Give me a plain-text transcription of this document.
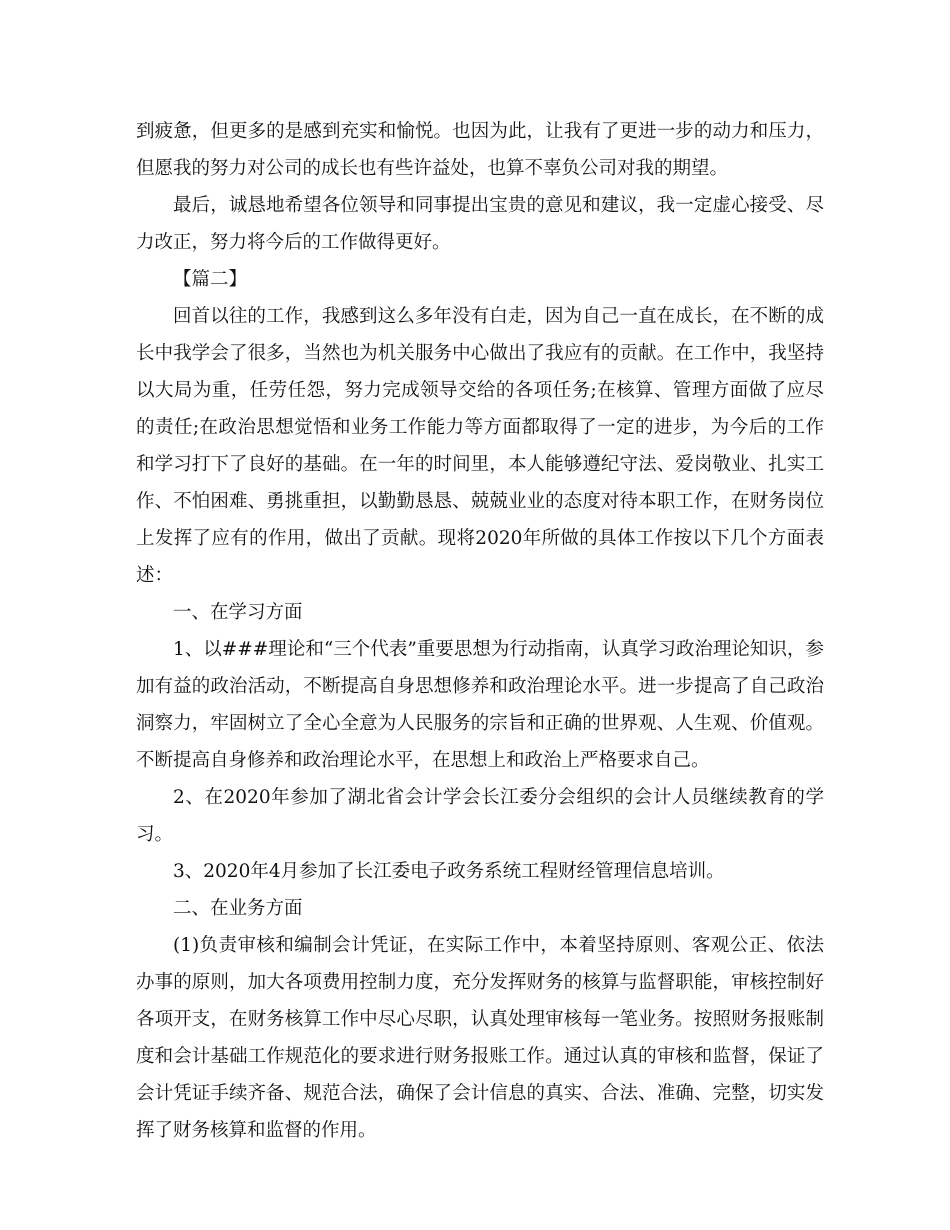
到疲惫，但更多的是感到充实和愉悦。也因为此，让我有了更进一步的动力和压力，但愿我的努力对公司的成长也有些许益处，也算不辜负公司对我的期望。

最后，诚恳地希望各位领导和同事提出宝贵的意见和建议，我一定虚心接受、尽力改正，努力将今后的工作做得更好。

【篇二】

回首以往的工作，我感到这么多年没有白走，因为自己一直在成长，在不断的成长中我学会了很多，当然也为机关服务中心做出了我应有的贡献。在工作中，我坚持以大局为重，任劳任怨，努力完成领导交给的各项任务;在核算、管理方面做了应尽的责任;在政治思想觉悟和业务工作能力等方面都取得了一定的进步，为今后的工作和学习打下了良好的基础。在一年的时间里，本人能够遵纪守法、爱岗敬业、扎实工作、不怕困难、勇挑重担，以勤勤恳恳、兢兢业业的态度对待本职工作，在财务岗位上发挥了应有的作用，做出了贡献。现将2020年所做的具体工作按以下几个方面表述：

一、在学习方面

1、以###理论和“三个代表”重要思想为行动指南，认真学习政治理论知识，参加有益的政治活动，不断提高自身思想修养和政治理论水平。进一步提高了自己政治洞察力，牢固树立了全心全意为人民服务的宗旨和正确的世界观、人生观、价值观。不断提高自身修养和政治理论水平，在思想上和政治上严格要求自己。

2、在2020年参加了湖北省会计学会长江委分会组织的会计人员继续教育的学习。

3、2020年4月参加了长江委电子政务系统工程财经管理信息培训。

二、在业务方面

(1)负责审核和编制会计凭证，在实际工作中，本着坚持原则、客观公正、依法办事的原则，加大各项费用控制力度，充分发挥财务的核算与监督职能，审核控制好各项开支，在财务核算工作中尽心尽职，认真处理审核每一笔业务。按照财务报账制度和会计基础工作规范化的要求进行财务报账工作。通过认真的审核和监督，保证了会计凭证手续齐备、规范合法，确保了会计信息的真实、合法、准确、完整，切实发挥了财务核算和监督的作用。
